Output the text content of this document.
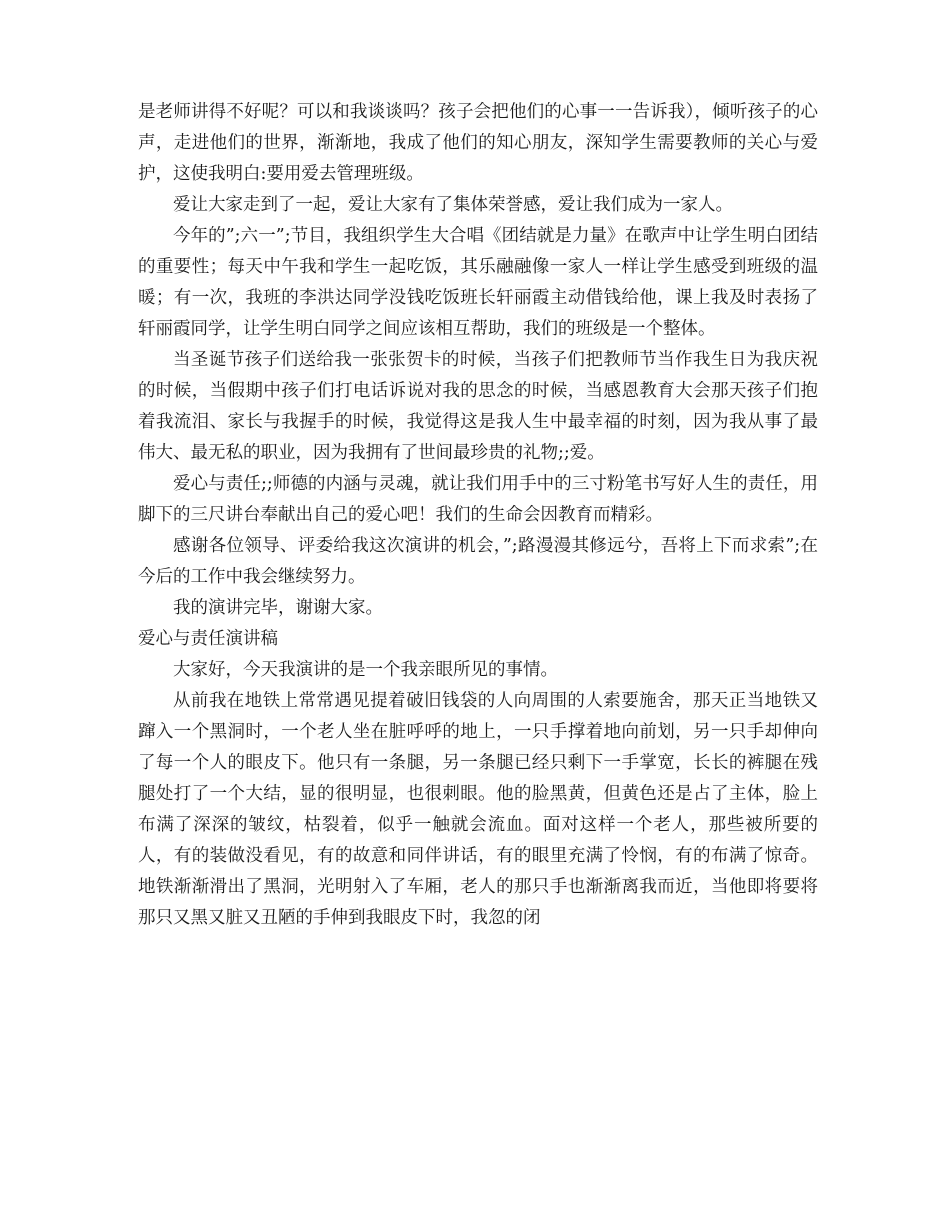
是老师讲得不好呢？可以和我谈谈吗？孩子会把他们的心事一一告诉我），倾听孩子的心声，走进他们的世界，渐渐地，我成了他们的知心朋友，深知学生需要教师的关心与爱护，这使我明白:要用爱去管理班级。

爱让大家走到了一起，爱让大家有了集体荣誉感，爱让我们成为一家人。

今年的”;六一”;节目，我组织学生大合唱《团结就是力量》在歌声中让学生明白团结的重要性；每天中午我和学生一起吃饭，其乐融融像一家人一样让学生感受到班级的温暖；有一次，我班的李洪达同学没钱吃饭班长轩丽霞主动借钱给他，课上我及时表扬了轩丽霞同学，让学生明白同学之间应该相互帮助，我们的班级是一个整体。

当圣诞节孩子们送给我一张张贺卡的时候，当孩子们把教师节当作我生日为我庆祝的时候，当假期中孩子们打电话诉说对我的思念的时候，当感恩教育大会那天孩子们抱着我流泪、家长与我握手的时候，我觉得这是我人生中最幸福的时刻，因为我从事了最伟大、最无私的职业，因为我拥有了世间最珍贵的礼物;;爱。

爱心与责任;;师德的内涵与灵魂，就让我们用手中的三寸粉笔书写好人生的责任，用脚下的三尺讲台奉献出自己的爱心吧！我们的生命会因教育而精彩。

感谢各位领导、评委给我这次演讲的机会，”;路漫漫其修远兮，吾将上下而求索”;在今后的工作中我会继续努力。

我的演讲完毕，谢谢大家。

爱心与责任演讲稿

大家好，今天我演讲的是一个我亲眼所见的事情。

从前我在地铁上常常遇见提着破旧钱袋的人向周围的人索要施舍，那天正当地铁又蹿入一个黑洞时，一个老人坐在脏呼呼的地上，一只手撑着地向前划，另一只手却伸向了每一个人的眼皮下。他只有一条腿，另一条腿已经只剩下一手掌宽，长长的裤腿在残腿处打了一个大结，显的很明显，也很刺眼。他的脸黑黄，但黄色还是占了主体，脸上布满了深深的皱纹，枯裂着，似乎一触就会流血。面对这样一个老人，那些被所要的人，有的装做没看见，有的故意和同伴讲话，有的眼里充满了怜悯，有的布满了惊奇。地铁渐渐滑出了黑洞，光明射入了车厢，老人的那只手也渐渐离我而近，当他即将要将那只又黑又脏又丑陋的手伸到我眼皮下时，我忽的闭
